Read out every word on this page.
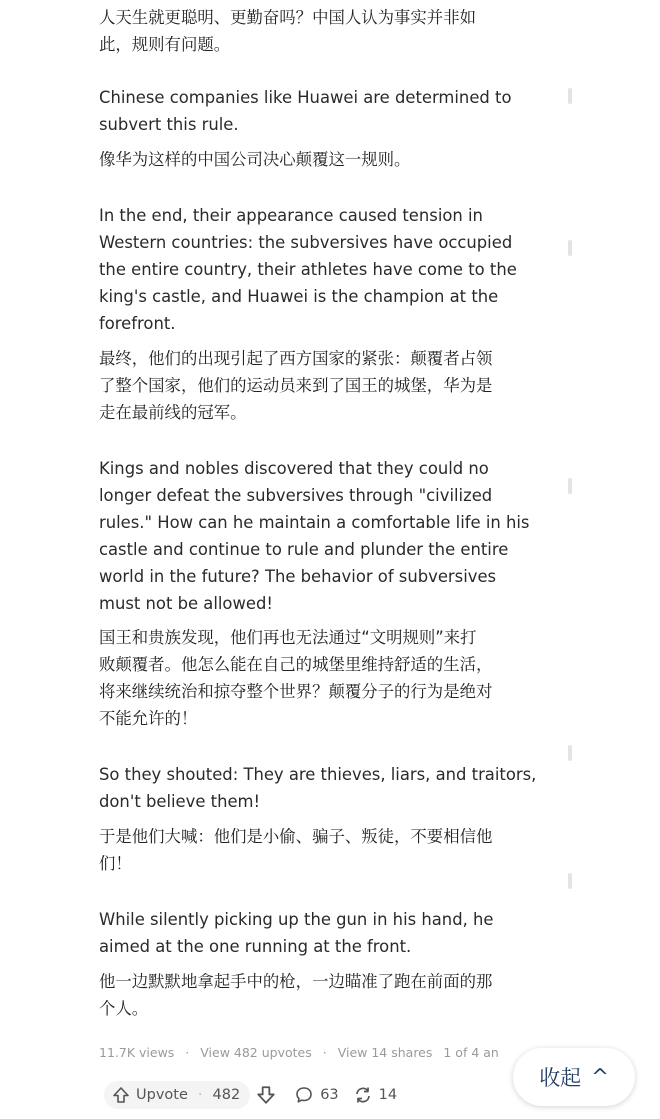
人天生就更聪明、更勤奋吗？中国人认为事实并非如

此，规则有问题。

Chinese companies like Huawei are determined to

subvert this rule.

像华为这样的中国公司决心颠覆这一规则。

In the end, their appearance caused tension in

Western countries: the subversives have occupied

the entire country, their athletes have come to the

king's castle, and Huawei is the champion at the

forefront.

最终，他们的出现引起了西方国家的紧张：颠覆者占领

了整个国家，他们的运动员来到了国王的城堡，华为是

走在最前线的冠军。

Kings and nobles discovered that they could no

longer defeat the subversives through "civilized

rules." How can he maintain a comfortable life in his

castle and continue to rule and plunder the entire

world in the future? The behavior of subversives

must not be allowed!

国王和贵族发现，他们再也无法通过“文明规则”来打

败颠覆者。他怎么能在自己的城堡里维持舒适的生活，

将来继续统治和掠夺整个世界？颠覆分子的行为是绝对

不能允许的！

So they shouted: They are thieves, liars, and traitors,

don't believe them!

于是他们大喊：他们是小偷、骗子、叛徒，不要相信他

们！

While silently picking up the gun in his hand, he

aimed at the one running at the front.

他一边默默地拿起手中的枪，一边瞄准了跑在前面的那

个人。

11.7K views · View 482 upvotes · View 14 shares 1 of 4 an
Upvote · 482	63	14
收起 ^
